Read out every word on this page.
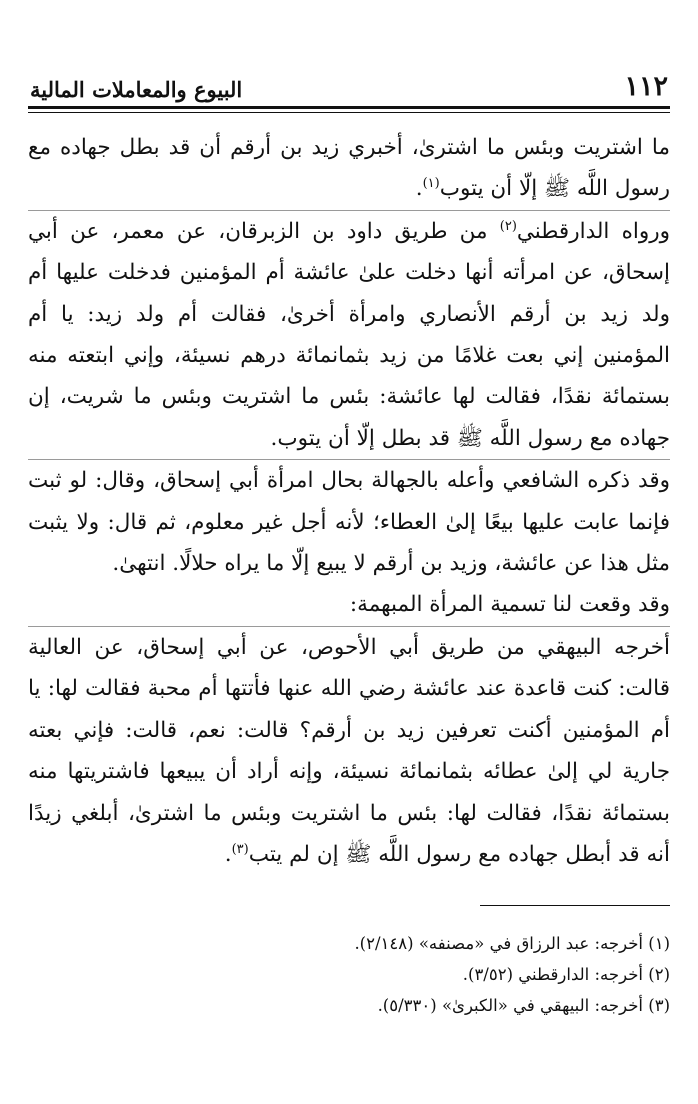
١١٢
البيوع والمعاملات المالية

ما اشتريت وبئس ما اشترىٰ، أخبري زيد بن أرقم أن قد بطل جهاده مع رسول اللَّه ﷺ إلّا أن يتوب$^{(١)}$.

ورواه الدارقطني$^{(٢)}$ من طريق داود بن الزبرقان، عن معمر، عن أبي إسحاق، عن امرأته أنها دخلت علىٰ عائشة أم المؤمنين فدخلت عليها أم ولد زيد بن أرقم الأنصاري وامرأة أخرىٰ، فقالت أم ولد زيد: يا أم المؤمنين إني بعت غلامًا من زيد بثمانمائة درهم نسيئة، وإني ابتعته منه بستمائة نقدًا، فقالت لها عائشة: بئس ما اشتريت وبئس ما شريت، إن جهاده مع رسول اللَّه ﷺ قد بطل إلّا أن يتوب.

وقد ذكره الشافعي وأعله بالجهالة بحال امرأة أبي إسحاق، وقال: لو ثبت فإنما عابت عليها بيعًا إلىٰ العطاء؛ لأنه أجل غير معلوم، ثم قال: ولا يثبت مثل هذا عن عائشة، وزيد بن أرقم لا يبيع إلّا ما يراه حلالًا. انتهىٰ.

وقد وقعت لنا تسمية المرأة المبهمة:

أخرجه البيهقي من طريق أبي الأحوص، عن أبي إسحاق، عن العالية قالت: كنت قاعدة عند عائشة رضي الله عنها فأتتها أم محبة فقالت لها: يا أم المؤمنين أكنت تعرفين زيد بن أرقم؟ قالت: نعم، قالت: فإني بعته جارية لي إلىٰ عطائه بثمانمائة نسيئة، وإنه أراد أن يبيعها فاشتريتها منه بستمائة نقدًا، فقالت لها: بئس ما اشتريت وبئس ما اشترىٰ، أبلغي زيدًا أنه قد أبطل جهاده مع رسول اللَّه ﷺ إن لم يتب$^{(٣)}$.

(١) أخرجه: عبد الرزاق في «مصنفه» (٢/١٤٨).

(٢) أخرجه: الدارقطني (٣/٥٢).

(٣) أخرجه: البيهقي في «الكبرىٰ» (٥/٣٣٠).
